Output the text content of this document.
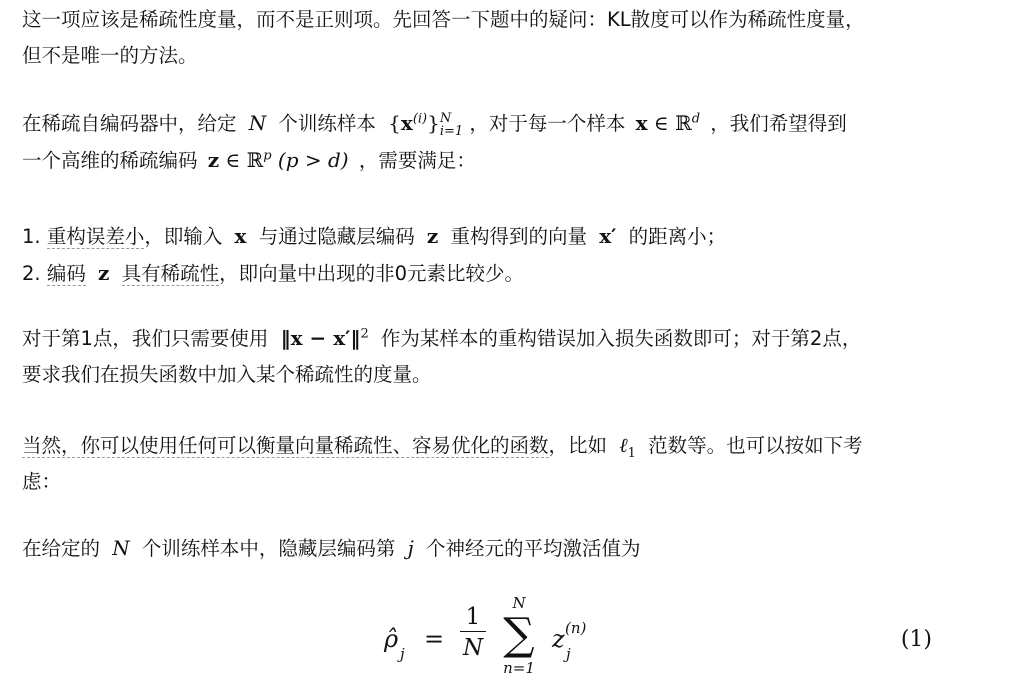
这一项应该是稀疏性度量，而不是正则项。先回答一下题中的疑问：KL散度可以作为稀疏性度量，
但不是唯一的方法。

在稀疏自编码器中，给定 N 个训练样本 $\{x^{(i)}\}N$
i=1 ，对于每一个样本 x ∈ ℝ$^d$ ，我们希望得到
一个高维的稀疏编码 z ∈ ℝ$^p$ (p > d) ，需要满足：

1. 重构误差小，即输入 x 与通过隐藏层编码 z 重构得到的向量 x′ 的距离小；
2. 编码 z 具有稀疏性，即向量中出现的非0元素比较少。

对于第1点，我们只需要使用 ‖x − x′‖$^2$ 作为某样本的重构错误加入损失函数即可；对于第2点，
要求我们在损失函数中加入某个稀疏性的度量。

当然，你可以使用任何可以衡量向量稀疏性、容易优化的函数，比如 ℓ$_1$ 范数等。也可以按如下考
虑：

在给定的 N 个训练样本中，隐藏层编码第 j 个神经元的平均激活值为

ρ̂
j
=
1
N
N
∑
n=1
z (n)
j
(1)
